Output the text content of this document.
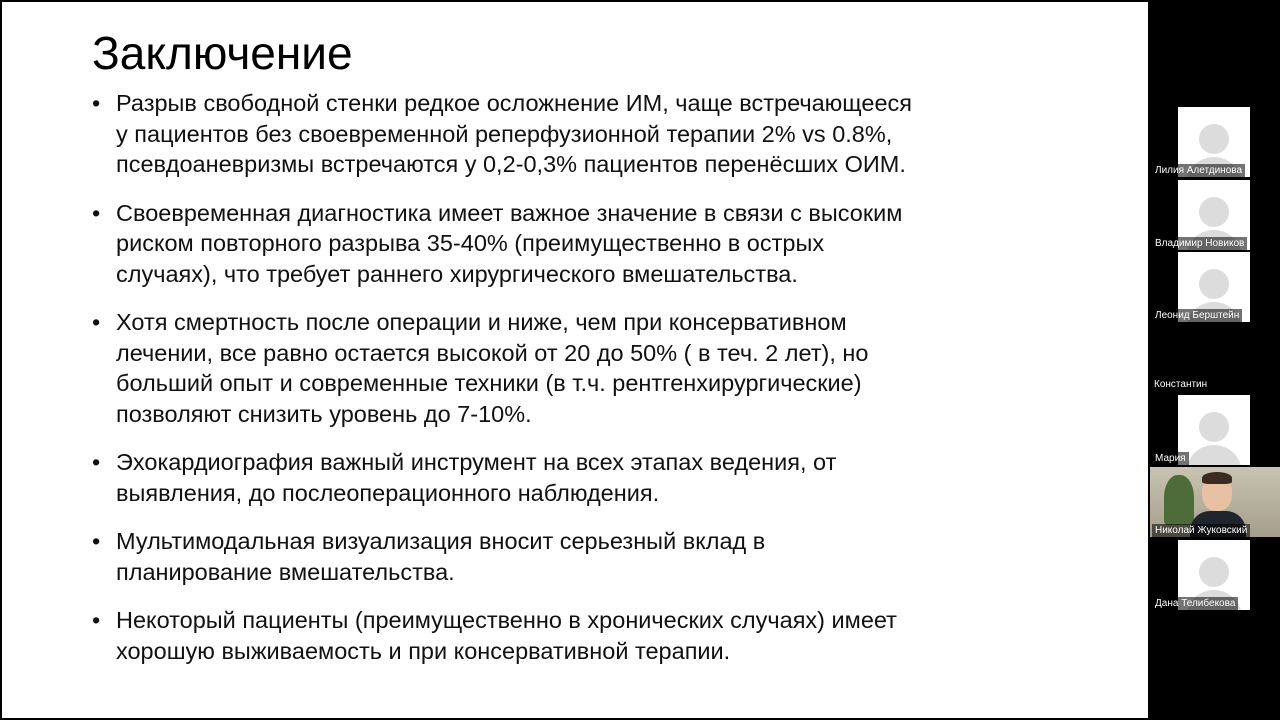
Заключение
• Разрыв свободной стенки редкое осложнение ИМ, чаще встречающееся
у пациентов без своевременной реперфузионной терапии 2% vs 0.8%,
псевдоаневризмы встречаются у 0,2-0,3% пациентов перенёсших ОИМ.
• Своевременная диагностика имеет важное значение в связи с высоким
риском повторного разрыва 35-40% (преимущественно в острых
случаях), что требует раннего хирургического вмешательства.
• Хотя смертность после операции и ниже, чем при консервативном
лечении, все равно остается высокой от 20 до 50% ( в теч. 2 лет), но
больший опыт и современные техники (в т.ч. рентгенхирургические)
позволяют снизить уровень до 7-10%.
• Эхокардиография важный инструмент на всех этапах ведения, от
выявления, до послеоперационного наблюдения.
• Мультимодальная визуализация вносит серьезный вклад в
планирование вмешательства.
• Некоторый пациенты (преимущественно в хронических случаях) имеет
хорошую выживаемость и при консервативной терапии.
Лилия Алетдинова
Владимир Новиков
Леонид Берштейн
Константин
Мария
Николай Жуковский
Дана Телибекова
